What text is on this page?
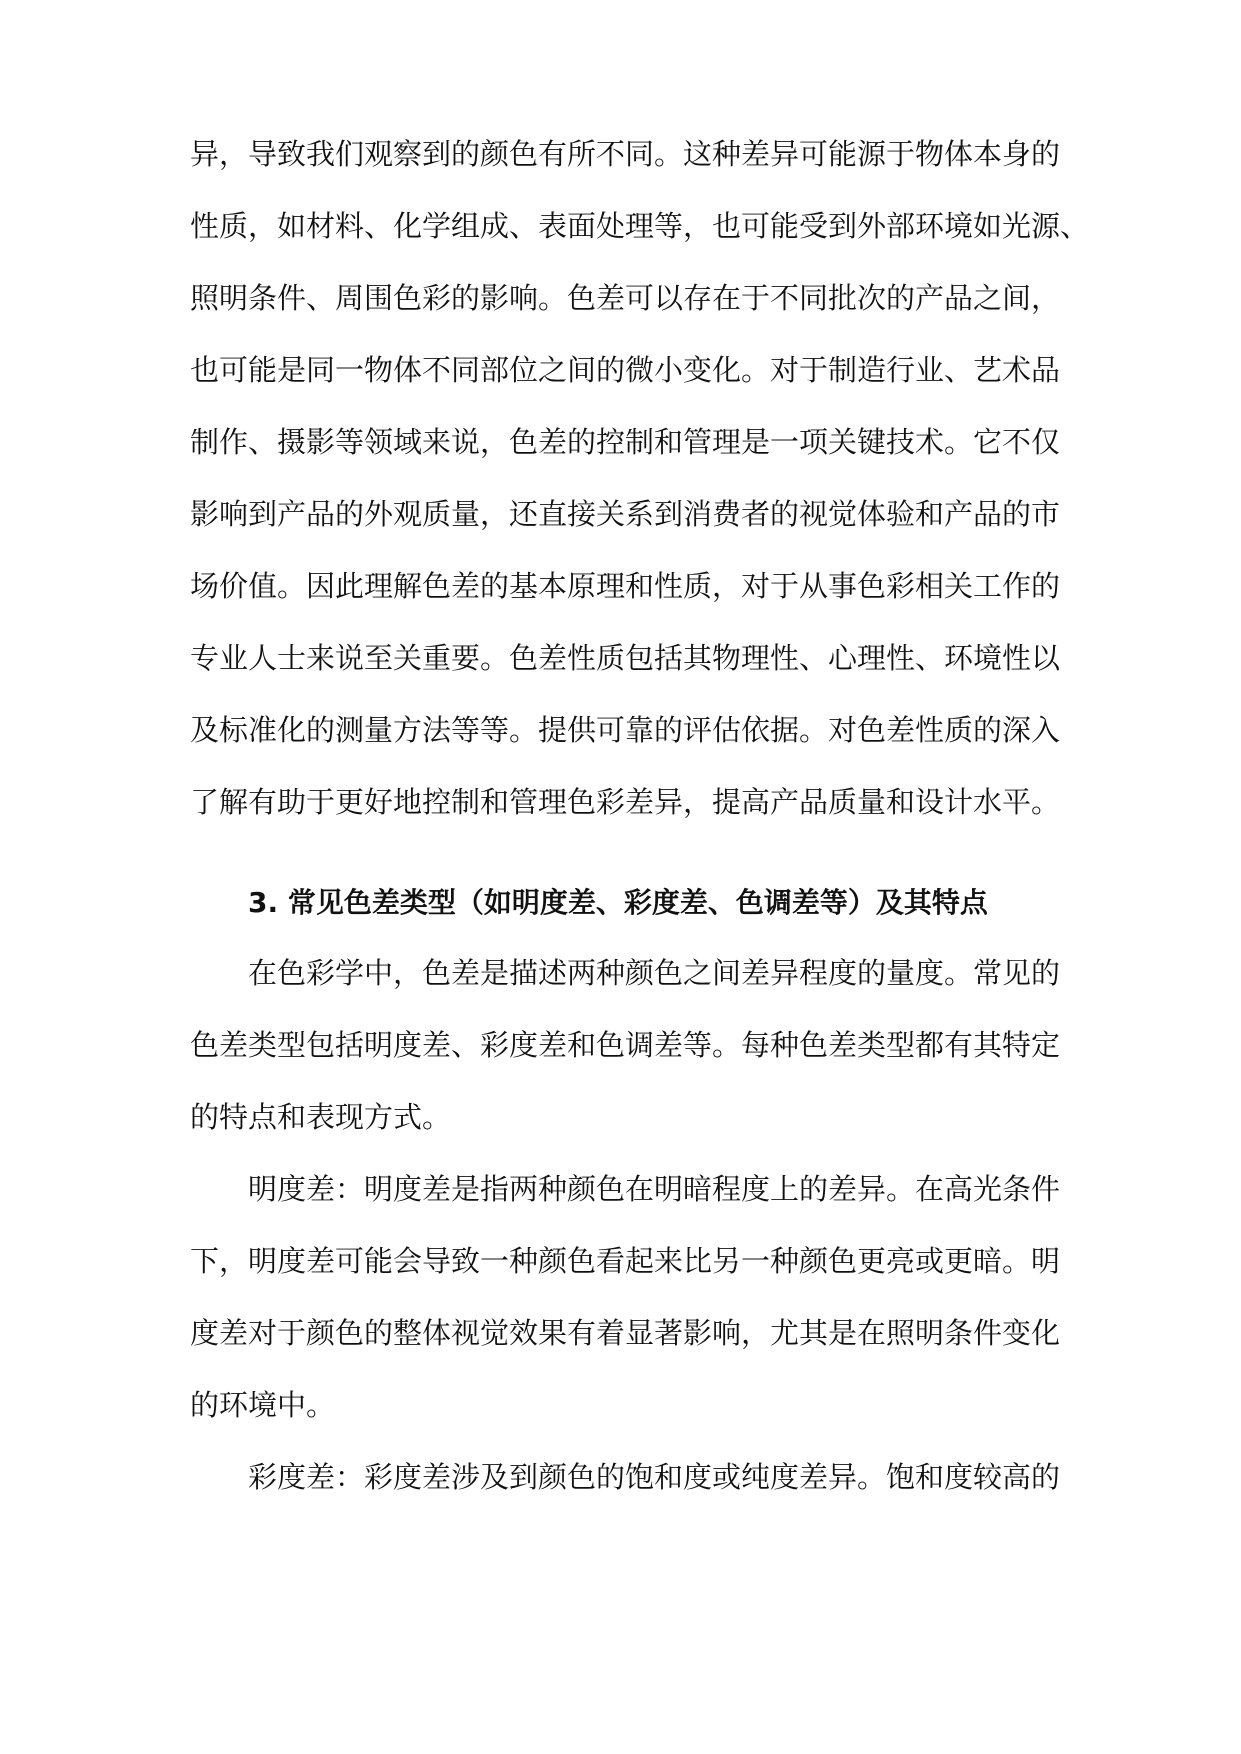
异，导致我们观察到的颜色有所不同。这种差异可能源于物体本身的
性质，如材料、化学组成、表面处理等，也可能受到外部环境如光源、
照明条件、周围色彩的影响。色差可以存在于不同批次的产品之间，
也可能是同一物体不同部位之间的微小变化。对于制造行业、艺术品
制作、摄影等领域来说，色差的控制和管理是一项关键技术。它不仅
影响到产品的外观质量，还直接关系到消费者的视觉体验和产品的市
场价值。因此理解色差的基本原理和性质，对于从事色彩相关工作的
专业人士来说至关重要。色差性质包括其物理性、心理性、环境性以
及标准化的测量方法等等。提供可靠的评估依据。对色差性质的深入
了解有助于更好地控制和管理色彩差异，提高产品质量和设计水平。
3. 常见色差类型（如明度差、彩度差、色调差等）及其特点
在色彩学中，色差是描述两种颜色之间差异程度的量度。常见的
色差类型包括明度差、彩度差和色调差等。每种色差类型都有其特定
的特点和表现方式。
明度差：明度差是指两种颜色在明暗程度上的差异。在高光条件
下，明度差可能会导致一种颜色看起来比另一种颜色更亮或更暗。明
度差对于颜色的整体视觉效果有着显著影响，尤其是在照明条件变化
的环境中。
彩度差：彩度差涉及到颜色的饱和度或纯度差异。饱和度较高的
